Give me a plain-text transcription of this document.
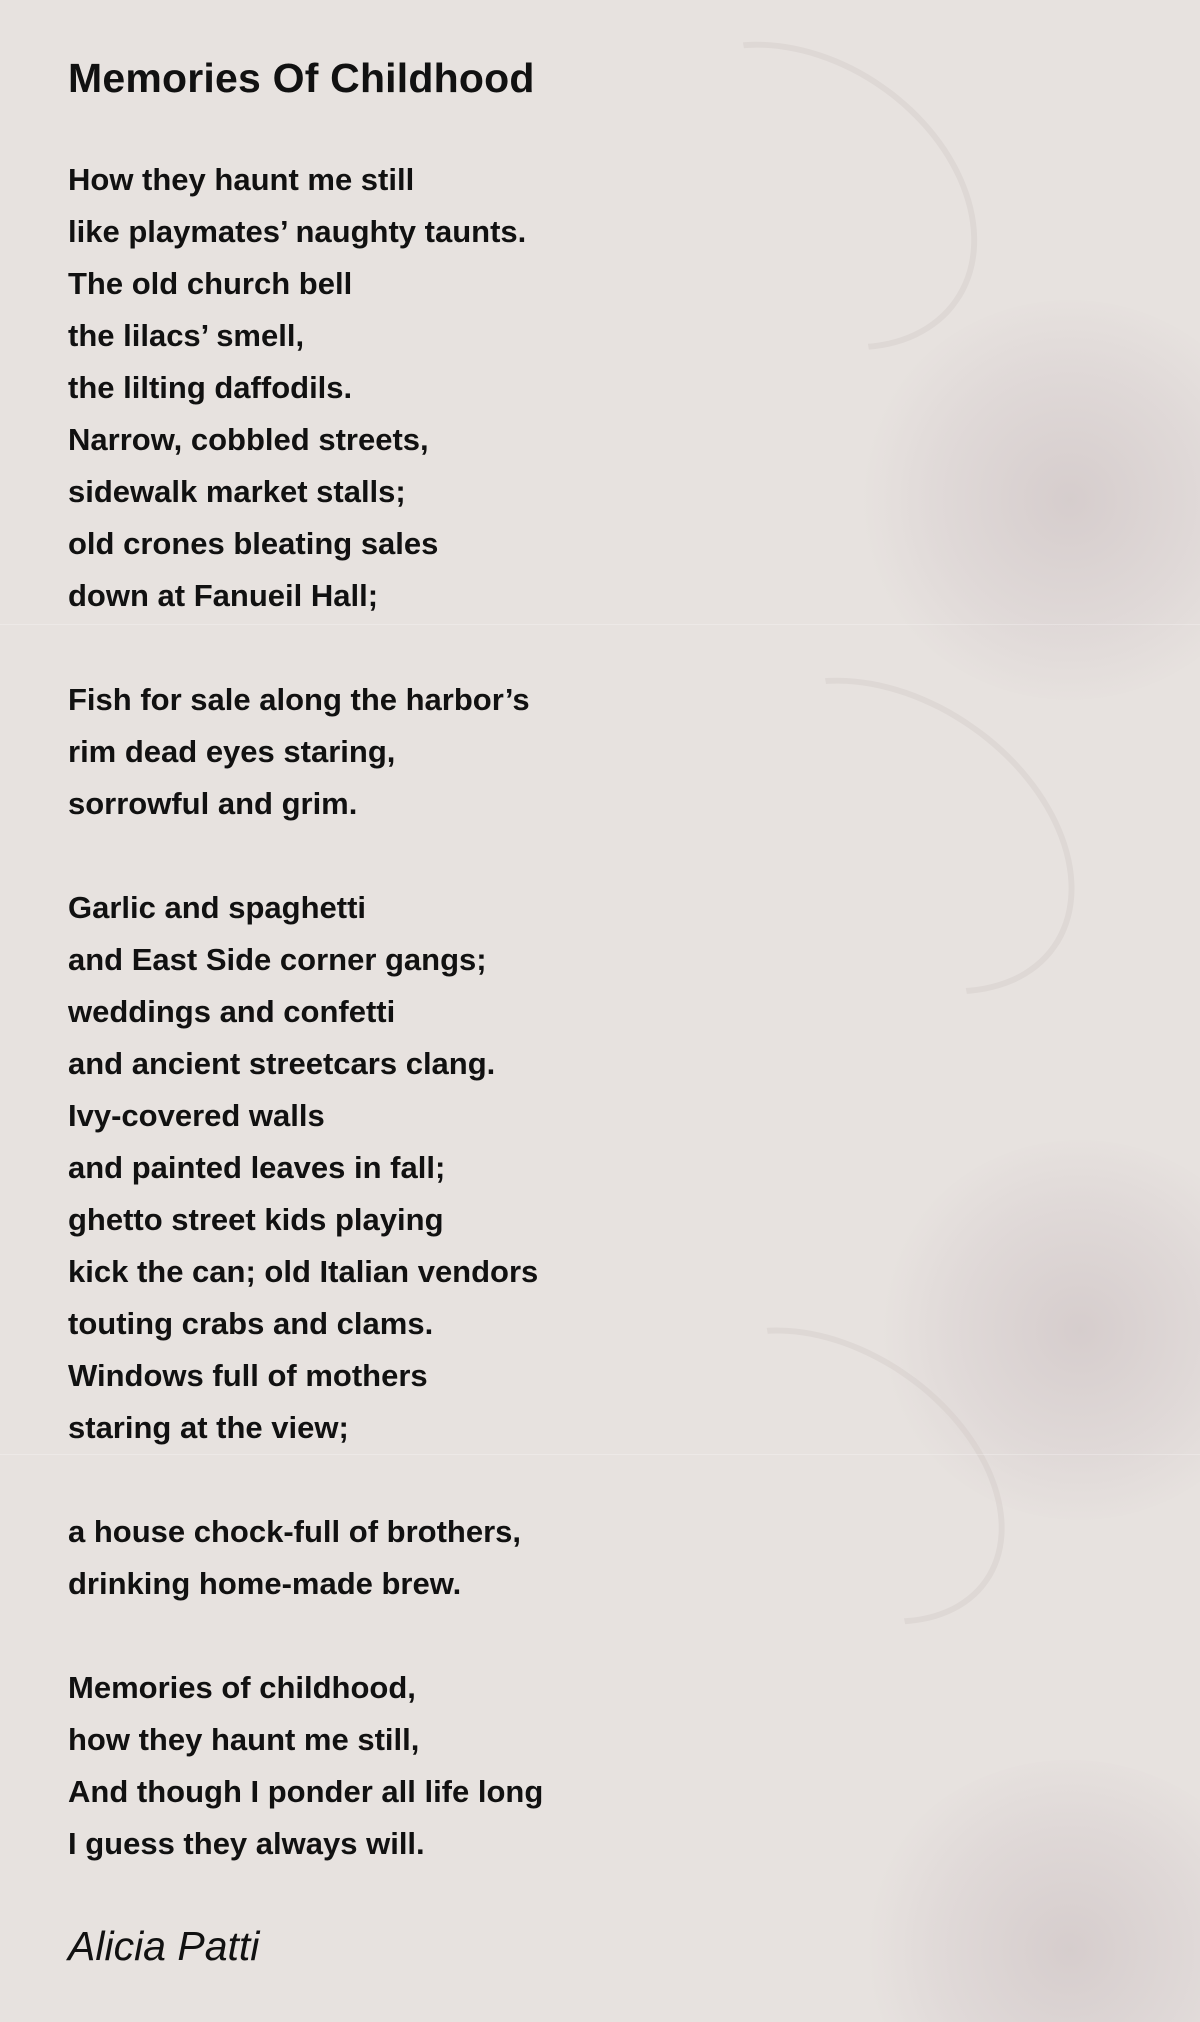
Memories Of Childhood
How they haunt me still
like playmates’ naughty taunts.
The old church bell
the lilacs’ smell,
the lilting daffodils.
Narrow, cobbled streets,
sidewalk market stalls;
old crones bleating sales
down at Fanueil Hall;
Fish for sale along the harbor’s
rim dead eyes staring,
sorrowful and grim.
Garlic and spaghetti
and East Side corner gangs;
weddings and confetti
and ancient streetcars clang.
Ivy-covered walls
and painted leaves in fall;
ghetto street kids playing
kick the can; old Italian vendors
touting crabs and clams.
Windows full of mothers
staring at the view;
a house chock-full of brothers,
drinking home-made brew.
Memories of childhood,
how they haunt me still,
And though I ponder all life long
I guess they always will.
Alicia Patti
